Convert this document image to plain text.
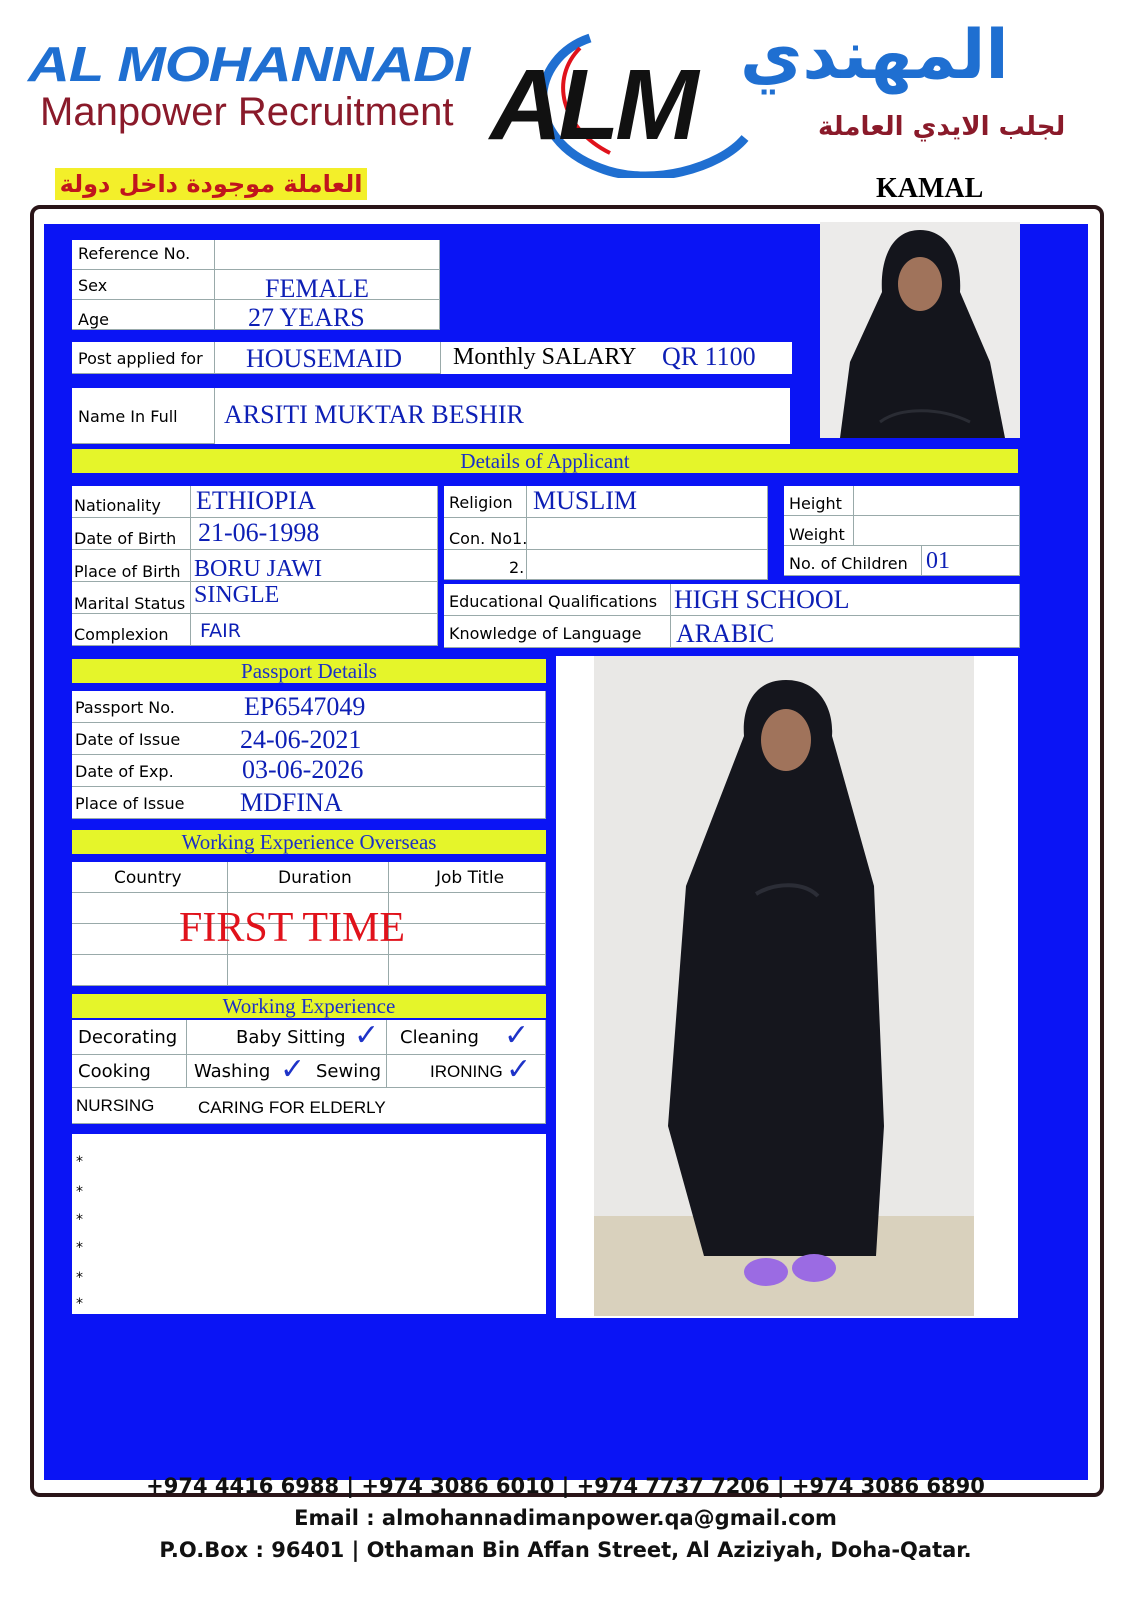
AL MOHANNADI
Manpower Recruitment ALM المهندي
لجلب الايدي العاملة
العاملة موجودة داخل دولة	KAMAL
Reference No.
Sex	FEMALE
Age	27 YEARS
Post applied for HOUSEMAID Monthly SALARY QR 1100
Name In Full ARSITI MUKTAR BESHIR
Details of Applicant
Nationality ETHIOPIA
Date of Birth 21-06-1998
Place of Birth BORU JAWI
Marital Status SINGLE
Complexion FAIR
Religion MUSLIM
Con. No1.
2.
Height
Weight
No. of Children 01
Educational Qualifications HIGH SCHOOL
Knowledge of Language ARABIC
Passport Details
Passport No.	EP6547049
Date of Issue 24-06-2021
Date of Exp.	03-06-2026
Place of Issue MDFINA
Working Experience Overseas
Country	Duration	Job Title
FIRST TIME
Working Experience
Decorating	Baby Sitting ✓ Cleaning ✓
Cooking Washing ✓ Sewing	IRONING ✓
NURSING	CARING FOR ELDERLY
*
*
*
*
*
*
+974 4416 6988 | +974 3086 6010 | +974 7737 7206 | +974 3086 6890
Email : almohannadimanpower.qa@gmail.com
P.O.Box : 96401 | Othaman Bin Affan Street, Al Aziziyah, Doha-Qatar.
